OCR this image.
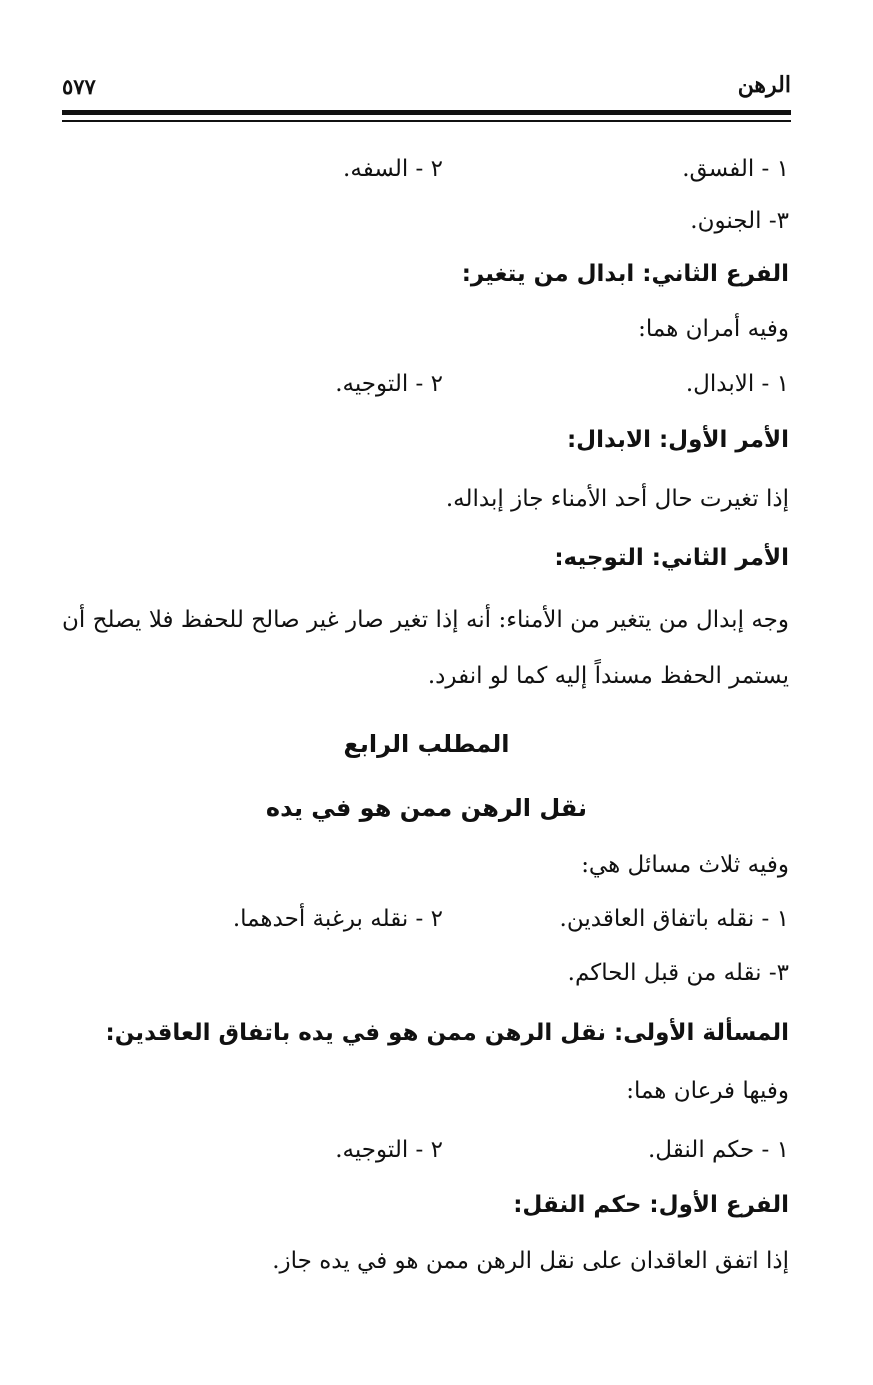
الرهن
٥٧٧
١ - الفسق.
٢ - السفه.
٣- الجنون.
الفرع الثاني: ابدال من يتغير:
وفيه أمران هما:
١ - الابدال.
٢ - التوجيه.
الأمر الأول: الابدال:
إذا تغيرت حال أحد الأمناء جاز إبداله.
الأمر الثاني: التوجيه:
وجه إبدال من يتغير من الأمناء: أنه إذا تغير صار غير صالح للحفظ فلا يصلح أن يستمر الحفظ مسنداً إليه كما لو انفرد.
المطلب الرابع
نقل الرهن ممن هو في يده
وفيه ثلاث مسائل هي:
١ - نقله باتفاق العاقدين.
٢ - نقله برغبة أحدهما.
٣- نقله من قبل الحاكم.
المسألة الأولى: نقل الرهن ممن هو في يده باتفاق العاقدين:
وفيها فرعان هما:
١ - حكم النقل.
٢ - التوجيه.
الفرع الأول: حكم النقل:
إذا اتفق العاقدان على نقل الرهن ممن هو في يده جاز.
